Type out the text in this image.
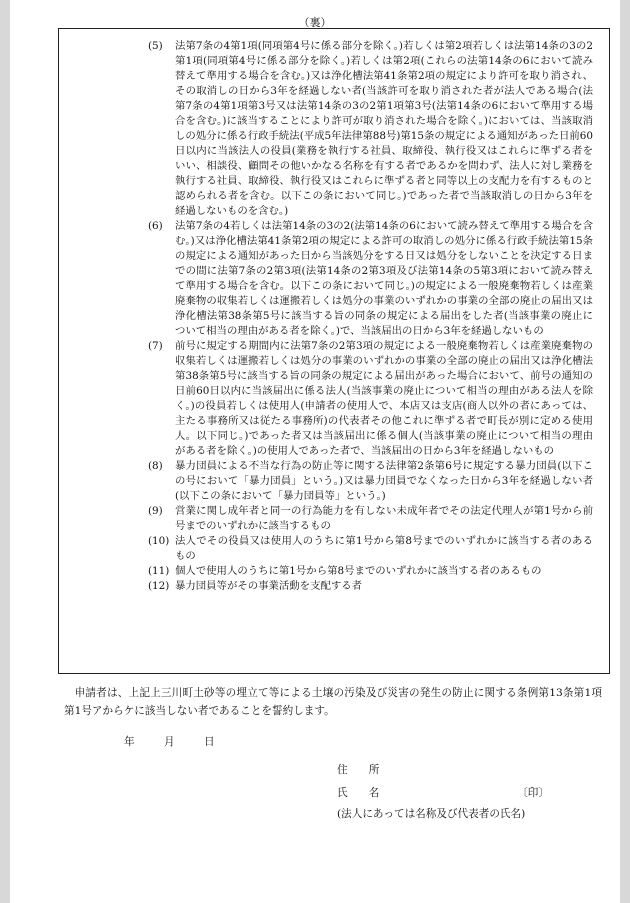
（裏）
(5)	法第7条の4第1項(同項第4号に係る部分を除く。)若しくは第2項若しくは法第14条の3の2第1項(同項第4号に係る部分を除く。)若しくは第2項(これらの法第14条の6において読み替えて準用する場合を含む。)又は浄化槽法第41条第2項の規定により許可を取り消され、その取消しの日から3年を経過しない者(当該許可を取り消された者が法人である場合(法第7条の4第1項第3号又は法第14条の3の2第1項第3号(法第14条の6において準用する場合を含む。)に該当することにより許可が取り消された場合を除く。)においては、当該取消しの処分に係る行政手続法(平成5年法律第88号)第15条の規定による通知があった日前60日以内に当該法人の役員(業務を執行する社員、取締役、執行役又はこれらに準ずる者をいい、相談役、顧問その他いかなる名称を有する者であるかを問わず、法人に対し業務を執行する社員、取締役、執行役又はこれらに準ずる者と同等以上の支配力を有するものと認められる者を含む。以下この条において同じ。)であった者で当該取消しの日から3年を経過しないものを含む。)
(6)	法第7条の4若しくは法第14条の3の2(法第14条の6において読み替えて準用する場合を含む。)又は浄化槽法第41条第2項の規定による許可の取消しの処分に係る行政手続法第15条の規定による通知があった日から当該処分をする日又は処分をしないことを決定する日までの間に法第7条の2第3項(法第14条の2第3項及び法第14条の5第3項において読み替えて準用する場合を含む。以下この条において同じ。)の規定による一般廃棄物若しくは産業廃棄物の収集若しくは運搬若しくは処分の事業のいずれかの事業の全部の廃止の届出又は浄化槽法第38条第5号に該当する旨の同条の規定による届出をした者(当該事業の廃止について相当の理由がある者を除く。)で、当該届出の日から3年を経過しないもの
(7)	前号に規定する期間内に法第7条の2第3項の規定による一般廃棄物若しくは産業廃棄物の収集若しくは運搬若しくは処分の事業のいずれかの事業の全部の廃止の届出又は浄化槽法第38条第5号に該当する旨の同条の規定による届出があった場合において、前号の通知の日前60日以内に当該届出に係る法人(当該事業の廃止について相当の理由がある法人を除く。)の役員若しくは使用人(申請者の使用人で、本店又は支店(商人以外の者にあっては、主たる事務所又は従たる事務所)の代表者その他これに準ずる者で町長が別に定める使用人。以下同じ。)であった者又は当該届出に係る個人(当該事業の廃止について相当の理由がある者を除く。)の使用人であった者で、当該届出の日から3年を経過しないもの
(8)	暴力団員による不当な行為の防止等に関する法律第2条第6号に規定する暴力団員(以下この号において「暴力団員」という。)又は暴力団員でなくなった日から3年を経過しない者(以下この条において「暴力団員等」という。)
(9)	営業に関し成年者と同一の行為能力を有しない未成年者でその法定代理人が第1号から前号までのいずれかに該当するもの
(10) 法人でその役員又は使用人のうちに第1号から第8号までのいずれかに該当する者のあるもの
(11) 個人で使用人のうちに第1号から第8号までのいずれかに該当する者のあるもの
(12) 暴力団員等がその事業活動を支配する者
申請者は、上記上三川町土砂等の埋立て等による土壌の汚染及び災害の発生の防止に関する条例第13条第1項第1号アからケに該当しない者であることを誓約します。
年	月	日
住　　所
氏　　名	〔印〕
(法人にあっては名称及び代表者の氏名)
